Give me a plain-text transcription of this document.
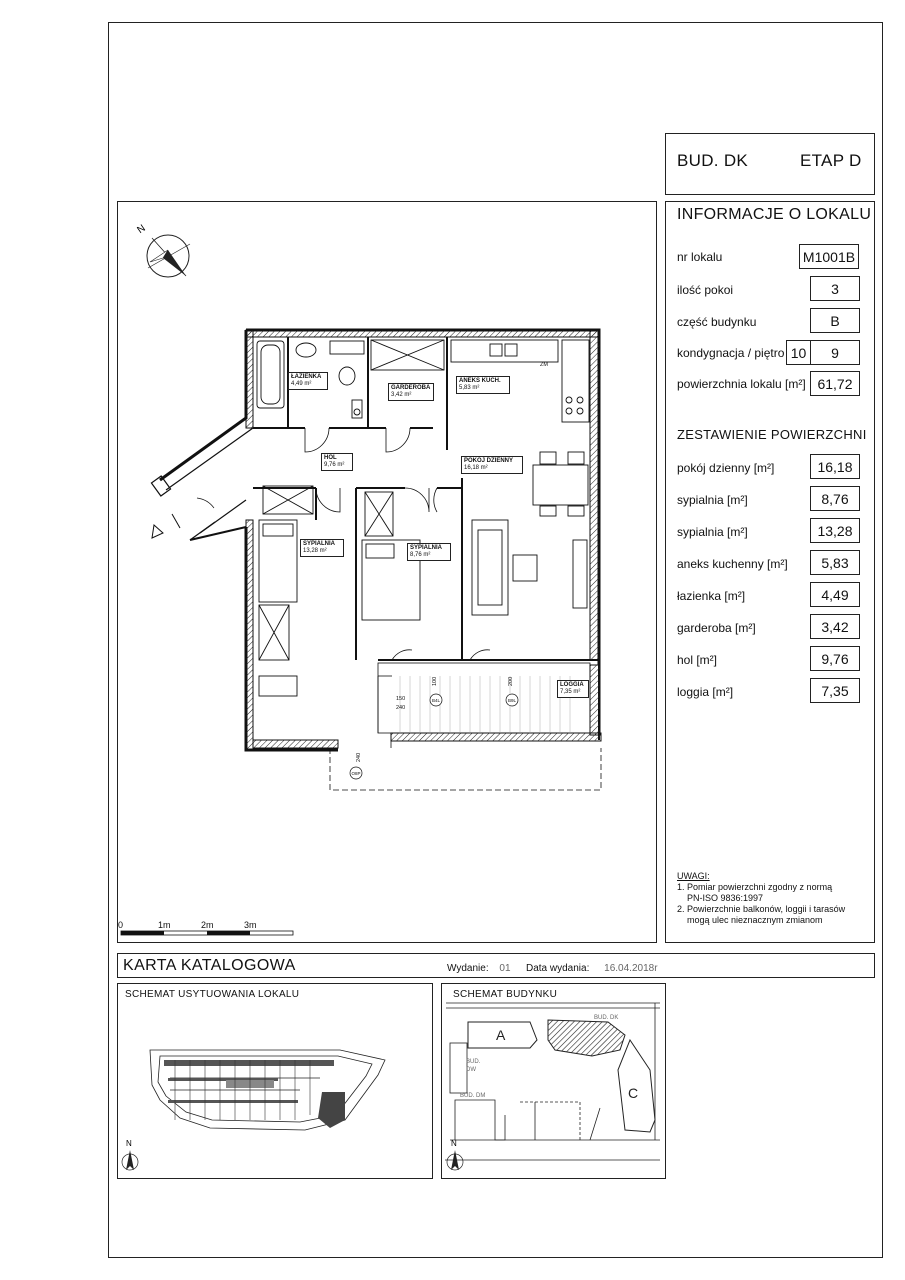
BUD. DK	ETAP D
INFORMACJE O LOKALU
nr lokalu	M1001B
ilość pokoi	3
część budynku	B
kondygnacja / piętro 10	9
powierzchnia lokalu [m²] 61,72
ZESTAWIENIE POWIERZCHNI
pokój dzienny [m²]	16,18
sypialnia [m²]	8,76
sypialnia [m²]	13,28
aneks kuchenny [m²]	5,83
łazienka [m²]	4,49
garderoba [m²]	3,42
hol [m²]	9,76
loggia [m²]	7,35
UWAGI:
1. Pomiar powierzchni zgodny z normą
PN-ISO 9836:1997
2. Powierzchnie balkonów, loggii i tarasów
mogą ulec nieznacznym zmianom
N
150
240
100	200
240
ZM
B4L	B9L
O8P
0	1m	2m	3m
ŁAZIENKA
4,49 m²
GARDEROBA
3,42 m²
ANEKS KUCH.
5,83 m²
HOL
9,76 m²
POKÓJ DZIENNY
16,18 m²
SYPIALNIA
13,28 m²	SYPIALNIA
8,76 m²
LOGGIA
7,35 m²
KARTA KATALOGOWA	Wydanie: 01 Data wydania: 16.04.2018r
SCHEMAT USYTUOWANIA LOKALU
N
SCHEMAT BUDYNKU
A
C
BUD. DK
BUD.
DW
BUD. DM
N
